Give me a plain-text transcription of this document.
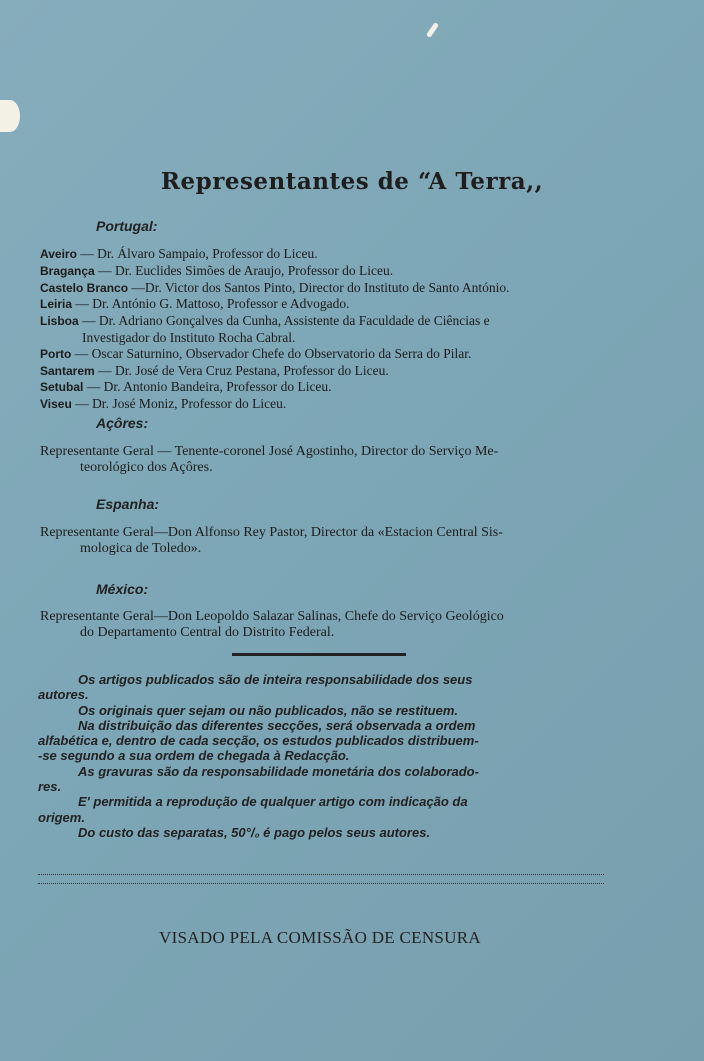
Representantes de “A Terra,,
Portugal:
Aveiro — Dr. Álvaro Sampaio, Professor do Liceu.
Bragança — Dr. Euclides Simões de Araujo, Professor do Liceu.
Castelo Branco —Dr. Victor dos Santos Pinto, Director do Instituto de Santo António.
Leiria — Dr. António G. Mattoso, Professor e Advogado.
Lisboa — Dr. Adriano Gonçalves da Cunha, Assistente da Faculdade de Ciências e
Investigador do Instituto Rocha Cabral.
Porto — Oscar Saturnino, Observador Chefe do Observatorio da Serra do Pilar.
Santarem — Dr. José de Vera Cruz Pestana, Professor do Liceu.
Setubal — Dr. Antonio Bandeira, Professor do Liceu.
Viseu — Dr. José Moniz, Professor do Liceu.
Açôres:
Representante Geral — Tenente-coronel José Agostinho, Director do Serviço Me-
teorológico dos Açôres.
Espanha:
Representante Geral—Don Alfonso Rey Pastor, Director da «Estacion Central Sis-
mologica de Toledo».
México:
Representante Geral—Don Leopoldo Salazar Salinas, Chefe do Serviço Geológico
do Departamento Central do Distrito Federal.
Os artigos publicados são de inteira responsabilidade dos seus
autores.
Os originais quer sejam ou não publicados, não se restituem.
Na distribuição das diferentes secções, será observada a ordem
alfabética e, dentro de cada secção, os estudos publicados distribuem-
-se segundo a sua ordem de chegada à Redacção.
As gravuras são da responsabilidade monetária dos colaborado-
res.
E' permitida a reprodução de qualquer artigo com indicação da
origem.
Do custo das separatas, 50°/₀ é pago pelos seus autores.
VISADO PELA COMISSÃO DE CENSURA
